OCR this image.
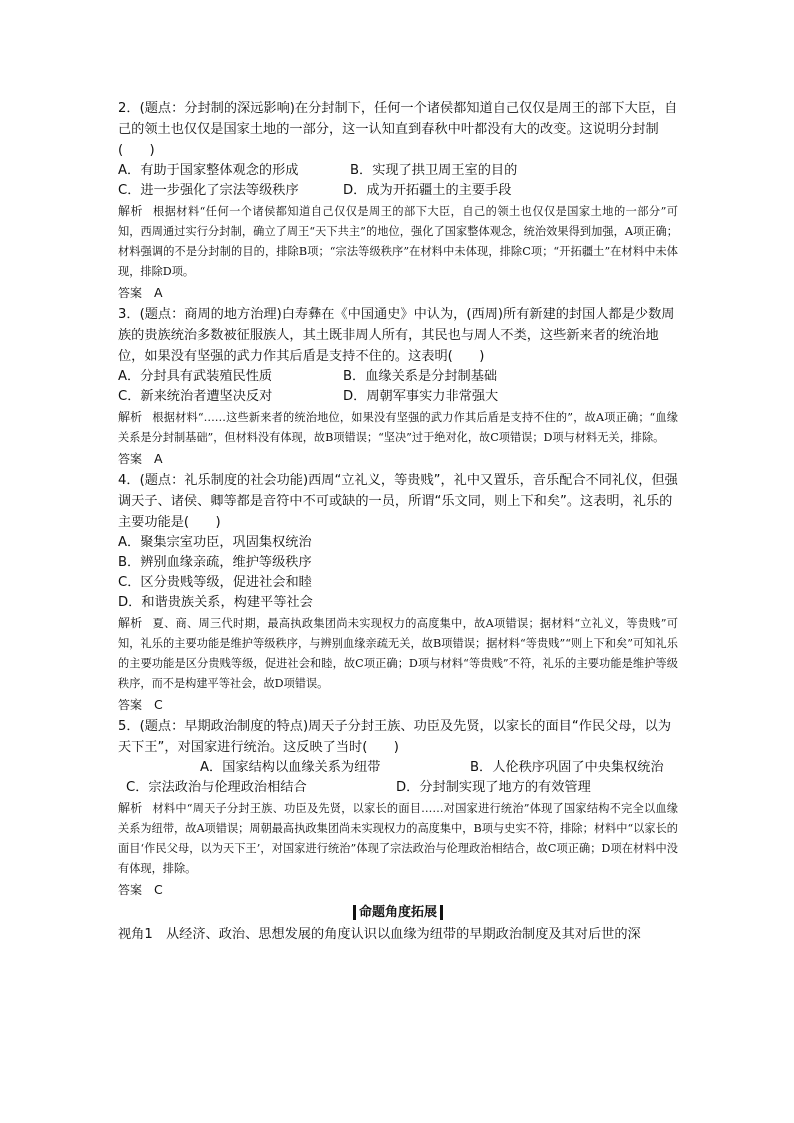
2．(题点：分封制的深远影响)在分封制下，任何一个诸侯都知道自己仅仅是周王的部下大臣，自己的领土也仅仅是国家土地的一部分，这一认知直到春秋中叶都没有大的改变。这说明分封制(　　)

A．有助于国家整体观念的形成	B．实现了拱卫周王室的目的
C．进一步强化了宗法等级秩序	D．成为开拓疆土的主要手段

解析 根据材料“任何一个诸侯都知道自己仅仅是周王的部下大臣，自己的领土也仅仅是国家土地的一部分”可知，西周通过实行分封制，确立了周王“天下共主”的地位，强化了国家整体观念，统治效果得到加强，A项正确；材料强调的不是分封制的目的，排除B项；“宗法等级秩序”在材料中未体现，排除C项；“开拓疆土”在材料中未体现，排除D项。

答案 A

3．(题点：商周的地方治理)白寿彝在《中国通史》中认为，(西周)所有新建的封国人都是少数周族的贵族统治多数被征服族人，其土既非周人所有，其民也与周人不类，这些新来者的统治地位，如果没有坚强的武力作其后盾是支持不住的。这表明(　　)

A．分封具有武装殖民性质	B．血缘关系是分封制基础
C．新来统治者遭坚决反对	D．周朝军事实力非常强大

解析 根据材料“……这些新来者的统治地位，如果没有坚强的武力作其后盾是支持不住的”，故A项正确；“血缘关系是分封制基础”，但材料没有体现，故B项错误；“坚决”过于绝对化，故C项错误；D项与材料无关，排除。

答案 A

4．(题点：礼乐制度的社会功能)西周“立礼义，等贵贱”，礼中又置乐，音乐配合不同礼仪，但强调天子、诸侯、卿等都是音符中不可或缺的一员，所谓“乐文同，则上下和矣”。这表明，礼乐的主要功能是(　　)

A．聚集宗室功臣，巩固集权统治

B．辨别血缘亲疏，维护等级秩序

C．区分贵贱等级，促进社会和睦

D．和谐贵族关系，构建平等社会

解析 夏、商、周三代时期，最高执政集团尚未实现权力的高度集中，故A项错误；据材料“立礼义，等贵贱”可知，礼乐的主要功能是维护等级秩序，与辨别血缘亲疏无关，故B项错误；据材料“等贵贱”“则上下和矣”可知礼乐的主要功能是区分贵贱等级，促进社会和睦，故C项正确；D项与材料“等贵贱”不符，礼乐的主要功能是维护等级秩序，而不是构建平等社会，故D项错误。

答案 C

5．(题点：早期政治制度的特点)周天子分封王族、功臣及先贤，以家长的面目“作民父母，以为天下王”，对国家进行统治。这反映了当时(　　)

A．国家结构以血缘关系为纽带	B．人伦秩序巩固了中央集权统治
C．宗法政治与伦理政治相结合	D．分封制实现了地方的有效管理

解析 材料中“周天子分封王族、功臣及先贤，以家长的面目……对国家进行统治”体现了国家结构不完全以血缘关系为纽带，故A项错误；周朝最高执政集团尚未实现权力的高度集中，B项与史实不符，排除；材料中“以家长的面目‘作民父母，以为天下王’，对国家进行统治”体现了宗法政治与伦理政治相结合，故C项正确；D项在材料中没有体现，排除。

答案 C

命题角度拓展

视角1　从经济、政治、思想发展的角度认识以血缘为纽带的早期政治制度及其对后世的深
